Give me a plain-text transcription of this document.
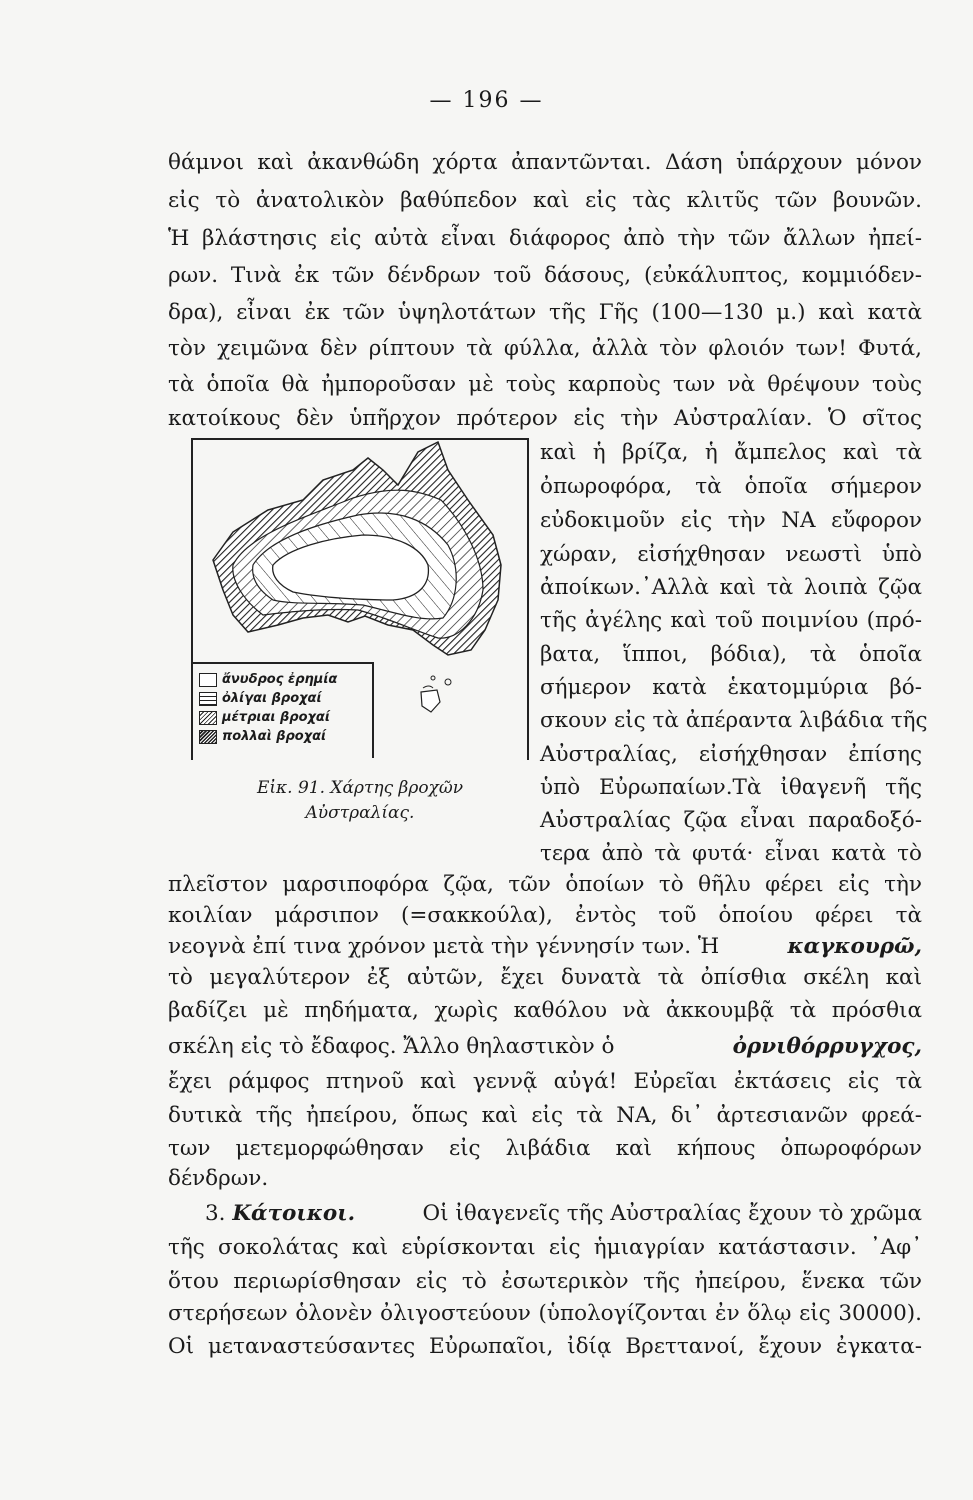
— 196 —
θάμνοι καὶ ἀκανθώδη χόρτα ἀπαντῶνται. Δάση ὑπάρχουν μόνον
εἰς τὸ ἀνατολικὸν βαθύπεδον καὶ εἰς τὰς κλιτῦς τῶν βουνῶν.
Ἡ βλάστησις εἰς αὐτὰ εἶναι διάφορος ἀπὸ τὴν τῶν ἄλλων ἠπεί-
ρων. Τινὰ ἐκ τῶν δένδρων τοῦ δάσους, (εὐκάλυπτος, κομμιόδεν-
δρα), εἶναι ἐκ τῶν ὑψηλοτάτων τῆς Γῆς (100—130 μ.) καὶ κατὰ
τὸν χειμῶνα δὲν ρίπτουν τὰ φύλλα, ἀλλὰ τὸν φλοιόν των! Φυτά,
τὰ ὁποῖα θὰ ἠμποροῦσαν μὲ τοὺς καρποὺς των νὰ θρέψουν τοὺς
κατοίκους δὲν ὑπῆρχον πρότερον εἰς τὴν Αὐστραλίαν. Ὁ σῖτος
καὶ ἡ βρίζα, ἡ ἄμπελος καὶ τὰ
ὀπωροφόρα, τὰ ὁποῖα σήμερον
εὐδοκιμοῦν εἰς τὴν ΝΑ εὔφορον
χώραν, εἰσήχθησαν νεωστὶ ὑπὸ
ἀποίκων.᾿Αλλὰ καὶ τὰ λοιπὰ ζῷα
τῆς ἀγέλης καὶ τοῦ ποιμνίου (πρό-
βατα, ἵπποι, βόδια), τὰ ὁποῖα
σήμερον κατὰ ἑκατομμύρια βό-
σκουν εἰς τὰ ἀπέραντα λιβάδια τῆς
Αὐστραλίας, εἰσήχθησαν ἐπίσης
ὑπὸ Εὐρωπαίων.Τὰ ἰθαγενῆ τῆς
Αὐστραλίας ζῷα εἶναι παραδοξό-
τερα ἀπὸ τὰ φυτά· εἶναι κατὰ τὸ
ἄνυδρος ἐρημία
ὀλίγαι βροχαί
μέτριαι βροχαί
πολλαὶ βροχαί
Εἰκ. 91. Χάρτης βροχῶν
Αὐστραλίας.
πλεῖστον μαρσιποφόρα ζῷα, τῶν ὁποίων τὸ θῆλυ φέρει εἰς τὴν
κοιλίαν μάρσιπον (=σακκούλα), ἐντὸς τοῦ ὁποίου φέρει τὰ
νεογνὰ ἐπί τινα χρόνον μετὰ τὴν γέννησίν των. Ἡ	καγκουρῶ,
τὸ μεγαλύτερον ἐξ αὐτῶν, ἔχει δυνατὰ τὰ ὀπίσθια σκέλη καὶ
βαδίζει μὲ πηδήματα, χωρὶς καθόλου νὰ ἀκκουμβᾷ τὰ πρόσθια
σκέλη εἰς τὸ ἔδαφος. Ἄλλο θηλαστικὸν ὁ	ὀρνιθόρρυγχος,
ἔχει ράμφος πτηνοῦ καὶ γεννᾷ αὐγά! Εὐρεῖαι ἐκτάσεις εἰς τὰ
δυτικὰ τῆς ἠπείρου, ὅπως καὶ εἰς τὰ ΝΑ, δι᾿ ἀρτεσιανῶν φρεά-
των μετεμορφώθησαν εἰς λιβάδια καὶ κήπους ὀπωροφόρων
δένδρων.
3. Κάτοικοι.	Οἱ ἰθαγενεῖς τῆς Αὐστραλίας ἔχουν τὸ χρῶμα
τῆς σοκολάτας καὶ εὑρίσκονται εἰς ἡμιαγρίαν κατάστασιν. ᾿Αφ᾿
ὅτου περιωρίσθησαν εἰς τὸ ἐσωτερικὸν τῆς ἠπείρου, ἕνεκα τῶν
στερήσεων ὁλονὲν ὀλιγοστεύουν (ὑπολογίζονται ἐν ὅλῳ εἰς 30000).
Οἱ μεταναστεύσαντες Εὐρωπαῖοι, ἰδίᾳ Βρεττανοί, ἔχουν ἐγκατα-
